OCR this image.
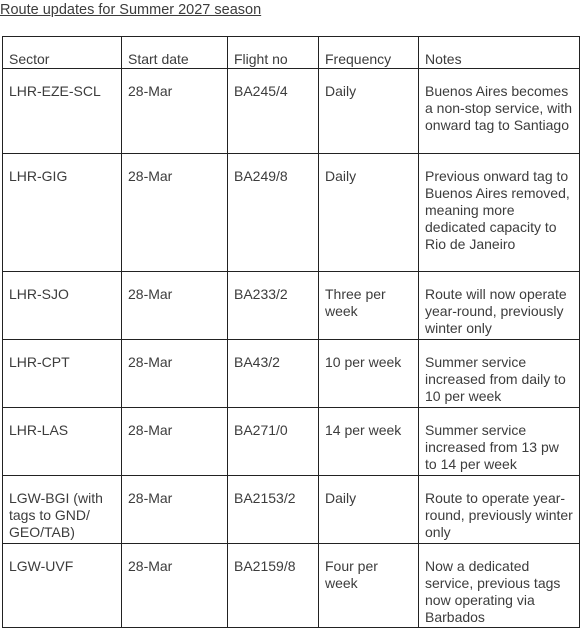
Route updates for Summer 2027 season
Sector	Start date	Flight no	Frequency	Notes
LHR-EZE-SCL	28-Mar	BA245/4	Daily	Buenos Aires becomes a non-stop service, with onward tag to Santiago
LHR-GIG	28-Mar	BA249/8	Daily	Previous onward tag to Buenos Aires removed, meaning more dedicated capacity to Rio de Janeiro
LHR-SJO	28-Mar	BA233/2	Three per week	Route will now operate year-round, previously winter only
LHR-CPT	28-Mar	BA43/2	10 per week	Summer service increased from daily to 10 per week
LHR-LAS	28-Mar	BA271/0	14 per week	Summer service increased from 13 pw to 14 per week
LGW-BGI (with tags to GND/ GEO/TAB)	28-Mar	BA2153/2	Daily	Route to operate year-round, previously winter only
LGW-UVF	28-Mar	BA2159/8	Four per week	Now a dedicated service, previous tags now operating via Barbados
